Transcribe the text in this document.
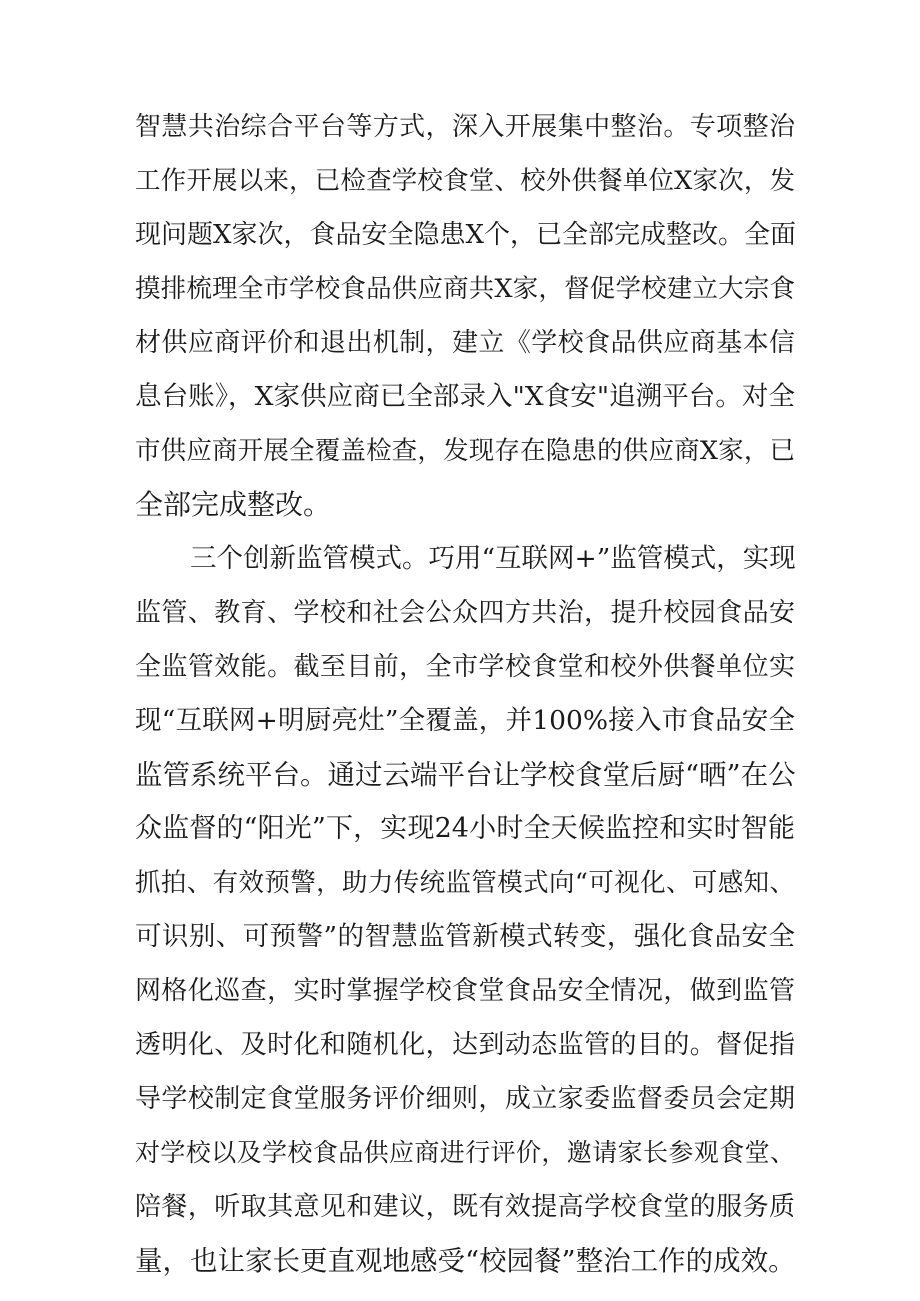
智慧共治综合平台等方式，深入开展集中整治。专项整治
工作开展以来，已检查学校食堂、校外供餐单位X家次，发
现问题X家次，食品安全隐患X个，已全部完成整改。全面
摸排梳理全市学校食品供应商共X家，督促学校建立大宗食
材供应商评价和退出机制，建立《学校食品供应商基本信
息台账》，X家供应商已全部录入"X食安"追溯平台。对全
市供应商开展全覆盖检查，发现存在隐患的供应商X家，已
全部完成整改。
三个创新监管模式。巧用“互联网+”监管模式，实现
监管、教育、学校和社会公众四方共治，提升校园食品安
全监管效能。截至目前，全市学校食堂和校外供餐单位实
现“互联网+明厨亮灶”全覆盖，并100%接入市食品安全
监管系统平台。通过云端平台让学校食堂后厨“晒”在公
众监督的“阳光”下，实现24小时全天候监控和实时智能
抓拍、有效预警，助力传统监管模式向“可视化、可感知、
可识别、可预警”的智慧监管新模式转变，强化食品安全
网格化巡查，实时掌握学校食堂食品安全情况，做到监管
透明化、及时化和随机化，达到动态监管的目的。督促指
导学校制定食堂服务评价细则，成立家委监督委员会定期
对学校以及学校食品供应商进行评价，邀请家长参观食堂、
陪餐，听取其意见和建议，既有效提高学校食堂的服务质
量，也让家长更直观地感受“校园餐”整治工作的成效。
